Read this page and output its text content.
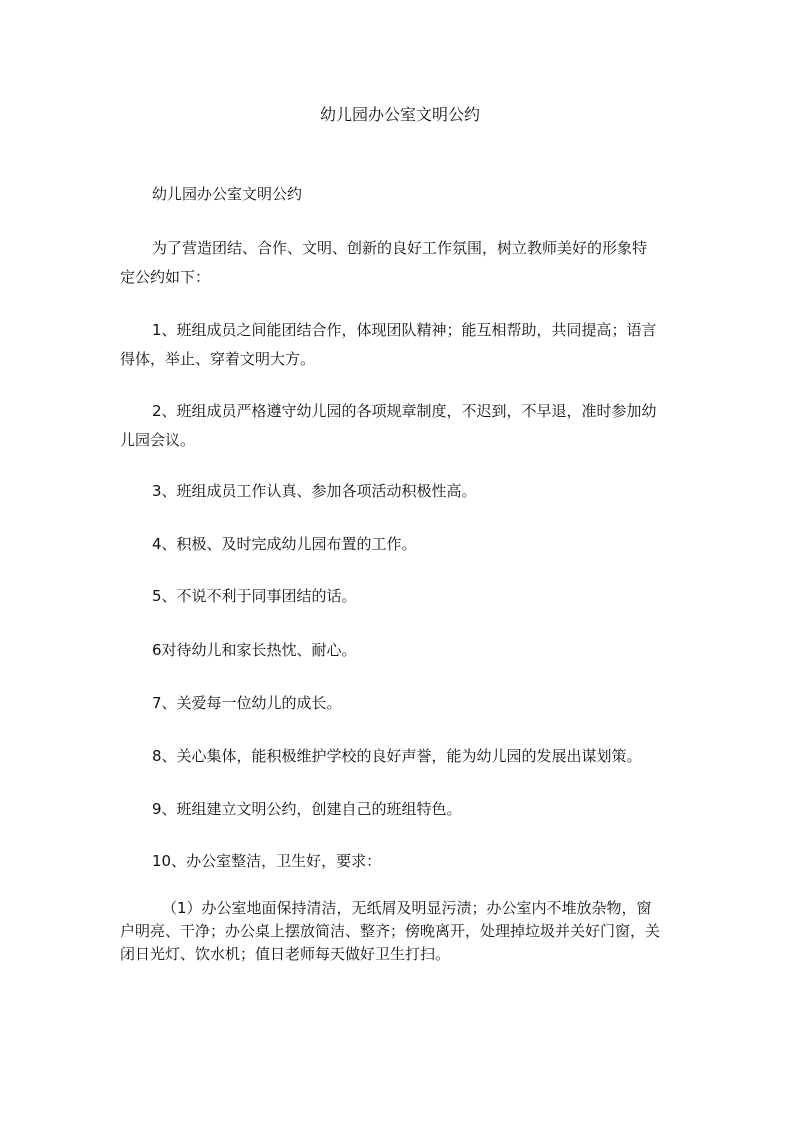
幼儿园办公室文明公约

幼儿园办公室文明公约

为了营造团结、合作、文明、创新的良好工作氛围，树立教师美好的形象特定公约如下：

1、班组成员之间能团结合作，体现团队精神；能互相帮助，共同提高；语言得体，举止、穿着文明大方。

2、班组成员严格遵守幼儿园的各项规章制度，不迟到，不早退，准时参加幼儿园会议。

3、班组成员工作认真、参加各项活动积极性高。

4、积极、及时完成幼儿园布置的工作。

5、不说不利于同事团结的话。

6对待幼儿和家长热忱、耐心。

7、关爱每一位幼儿的成长。

8、关心集体，能积极维护学校的良好声誉，能为幼儿园的发展出谋划策。

9、班组建立文明公约，创建自己的班组特色。

10、办公室整洁，卫生好，要求：

（1）办公室地面保持清洁，无纸屑及明显污渍；办公室内不堆放杂物，窗户明亮、干净；办公桌上摆放简洁、整齐；傍晚离开，处理掉垃圾并关好门窗，关闭日光灯、饮水机；值日老师每天做好卫生打扫。
